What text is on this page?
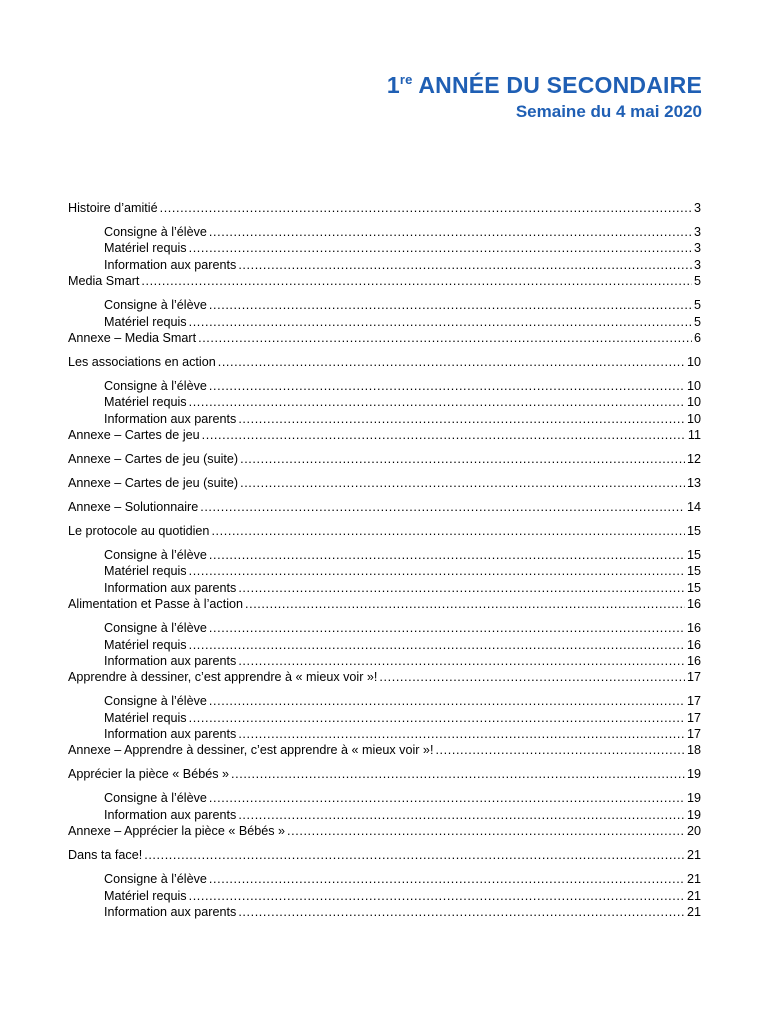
1re ANNÉE DU SECONDAIRE
Semaine du 4 mai 2020
Histoire d’amitié .....	3
Consigne à l’élève .....	3
Matériel requis .....	3
Information aux parents .....	3
Media Smart .....	5
Consigne à l’élève .....	5
Matériel requis .....	5
Annexe – Media Smart .....	6
Les associations en action .....	10
Consigne à l’élève .....	10
Matériel requis .....	10
Information aux parents .....	10
Annexe – Cartes de jeu .....	11
Annexe – Cartes de jeu (suite) .....	12
Annexe – Cartes de jeu (suite) .....	13
Annexe – Solutionnaire .....	14
Le protocole au quotidien .....	15
Consigne à l’élève .....	15
Matériel requis .....	15
Information aux parents .....	15
Alimentation et Passe à l’action .....	16
Consigne à l’élève .....	16
Matériel requis .....	16
Information aux parents .....	16
Apprendre à dessiner, c’est apprendre à « mieux voir »! .....	17
Consigne à l’élève .....	17
Matériel requis .....	17
Information aux parents .....	17
Annexe – Apprendre à dessiner, c’est apprendre à « mieux voir »! .....	18
Apprécier la pièce « Bébés » .....	19
Consigne à l’élève .....	19
Information aux parents .....	19
Annexe – Apprécier la pièce « Bébés » .....	20
Dans ta face! .....	21
Consigne à l’élève .....	21
Matériel requis .....	21
Information aux parents .....	21
